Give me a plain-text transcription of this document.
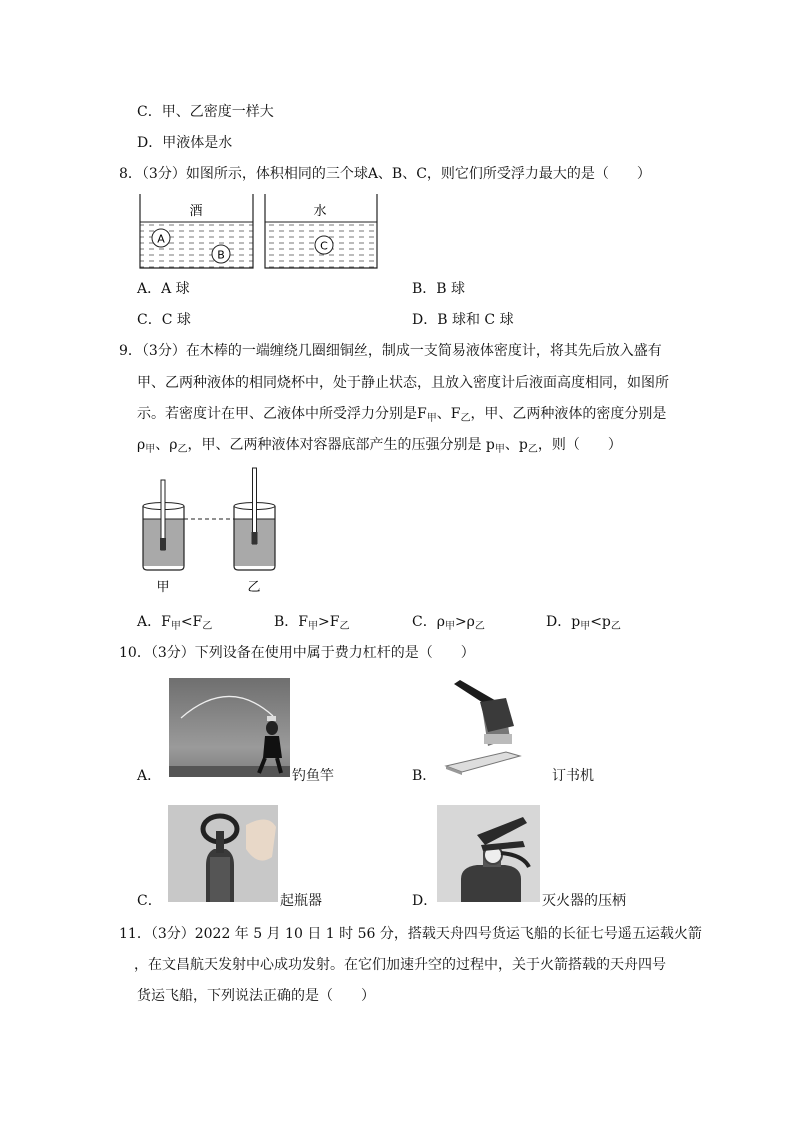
C．甲、乙密度一样大
D．甲液体是水
8．（3分）如图所示，体积相同的三个球A、B、C，则它们所受浮力最大的是（　　）
酒
A
B
水
C
A．A 球	B．B 球
C．C 球	D．B 球和 C 球
9．（3分）在木棒的一端缠绕几圈细铜丝，制成一支简易液体密度计，将其先后放入盛有
甲、乙两种液体的相同烧杯中，处于静止状态，且放入密度计后液面高度相同，如图所
示。若密度计在甲、乙液体中所受浮力分别是$F_甲$、$F_乙$，甲、乙两种液体的密度分别是
$\rho_甲$、$\rho_乙$，甲、乙两种液体对容器底部产生的压强分别是 $p_甲$、$p_乙$，则（　　）
甲	乙
A．$F_甲<F_乙$	B．$F_甲>F_乙$	C．$\rho_甲>\rho_乙$	D．$p_甲<p_乙$
10．（3分）下列设备在使用中属于费力杠杆的是（　　）
A．	钓鱼竿	B．	订书机
C．	起瓶器	D．	灭火器的压柄
11．（3分）2022 年 5 月 10 日 1 时 56 分，搭载天舟四号货运飞船的长征七号遥五运载火箭
，在文昌航天发射中心成功发射。在它们加速升空的过程中，关于火箭搭载的天舟四号
货运飞船，下列说法正确的是（　　）
